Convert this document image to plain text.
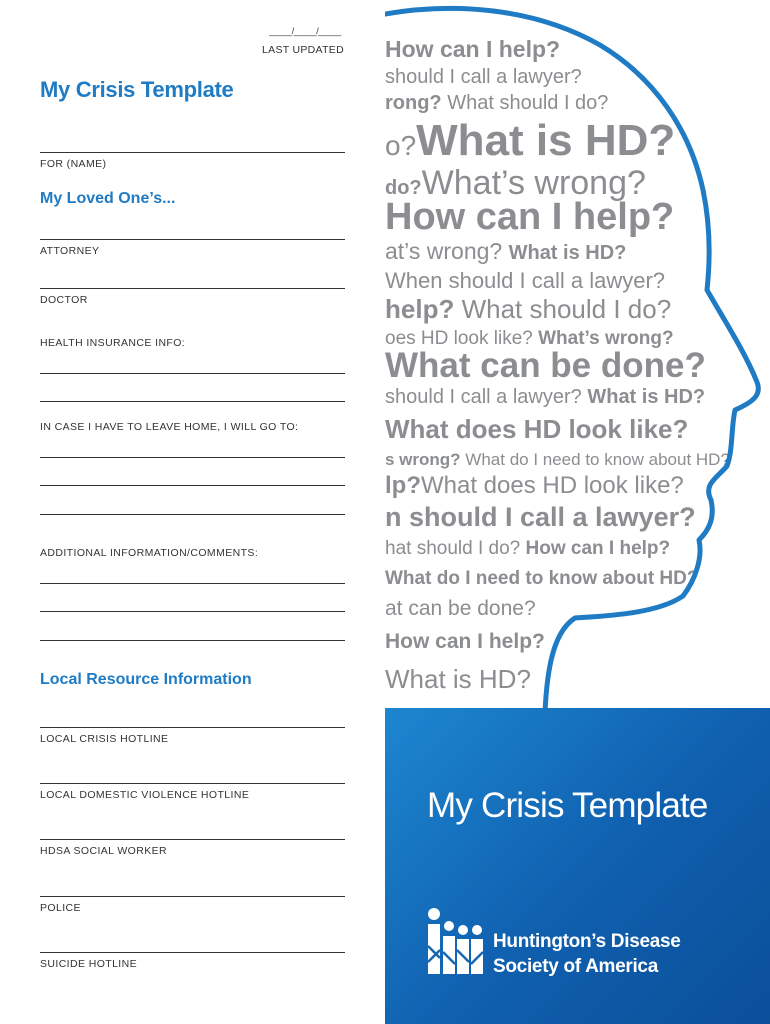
_____/_____/_____
LAST UPDATED
My Crisis Template
FOR (NAME)
My Loved One’s...
ATTORNEY
DOCTOR
HEALTH INSURANCE INFO:
IN CASE I HAVE TO LEAVE HOME, I WILL GO TO:
ADDITIONAL INFORMATION/COMMENTS:
Local Resource Information
LOCAL CRISIS HOTLINE
LOCAL DOMESTIC VIOLENCE HOTLINE
HDSA SOCIAL WORKER
POLICE
SUICIDE HOTLINE
How can I help?
should I call a lawyer?
rong? What should I do?
o?What is HD?
do?What’s wrong?
How can I help?
at’s wrong? What is HD?
When should I call a lawyer?
help? What should I do?
oes HD look like? What’s wrong?
What can be done?
should I call a lawyer? What is HD?
What does HD look like?
s wrong? What do I need to know about HD?
lp?What does HD look like?
n should I call a lawyer?
hat should I do? How can I help?
What do I need to know about HD?
at can be done?
How can I help?
What is HD?
My Crisis Template
Huntington’s Disease
Society of America
